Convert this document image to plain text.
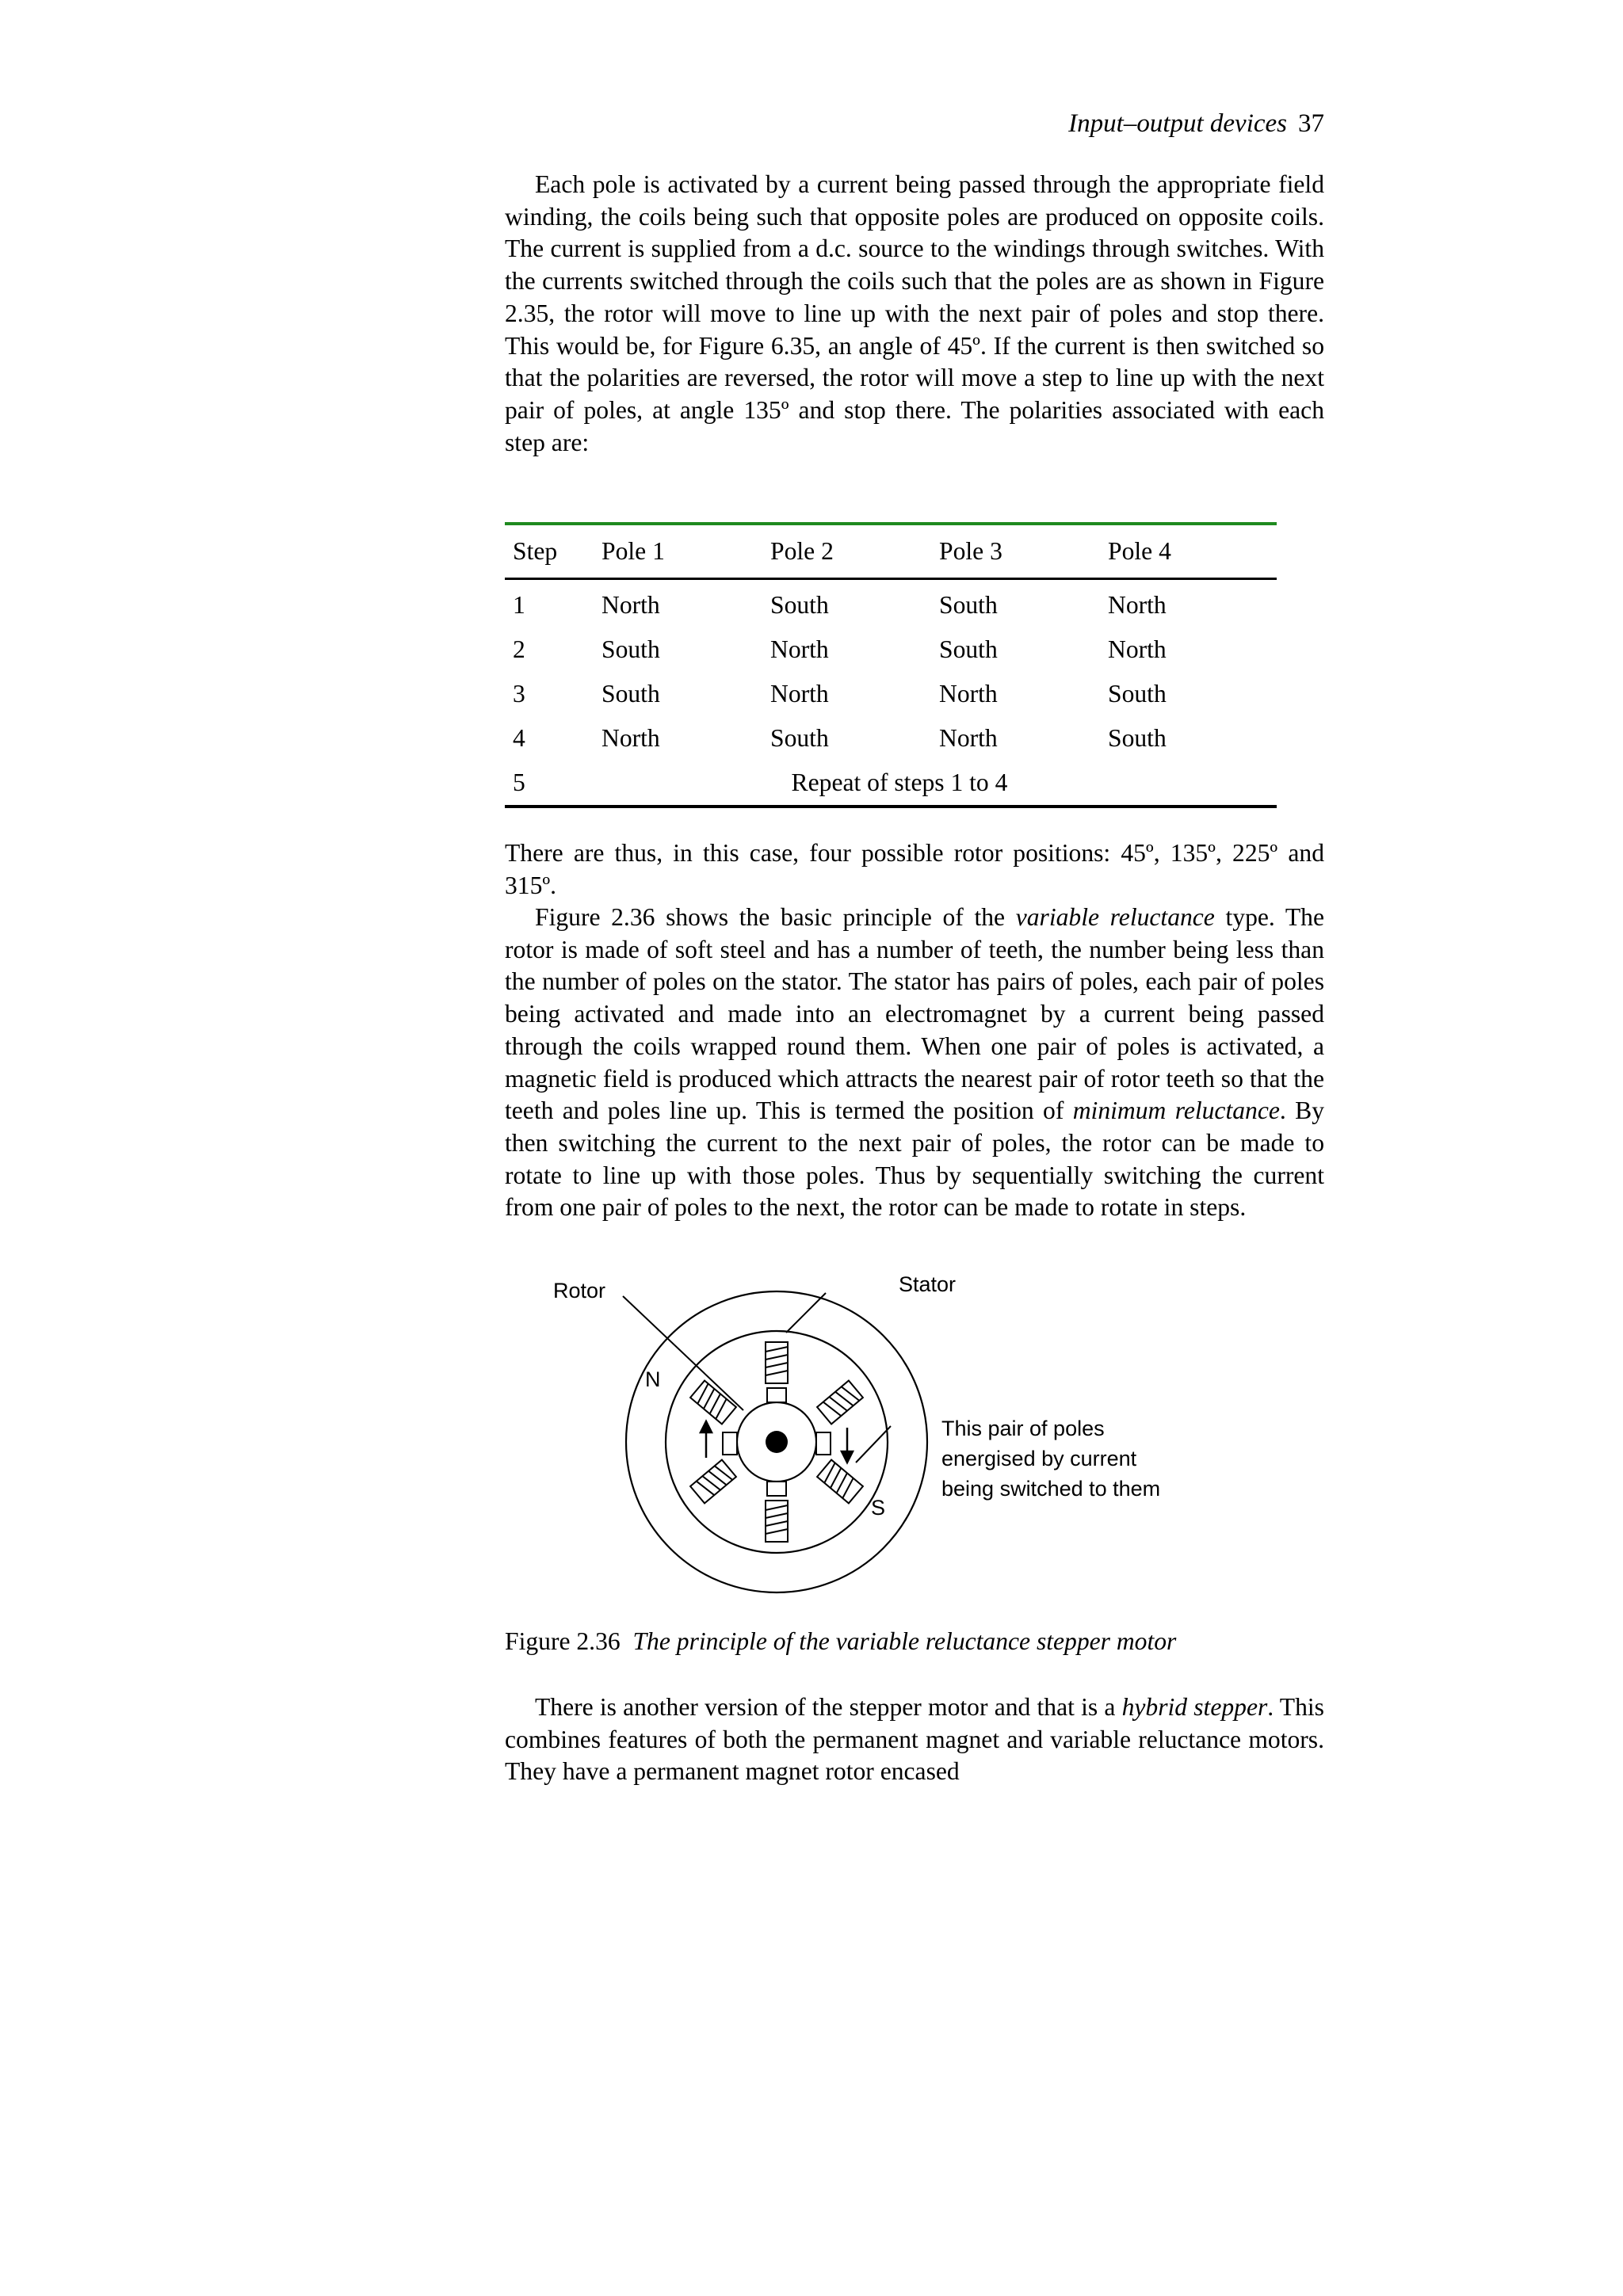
Input–output devices 37

Each pole is activated by a current being passed through the appropriate field winding, the coils being such that opposite poles are produced on opposite coils. The current is supplied from a d.c. source to the windings through switches. With the currents switched through the coils such that the poles are as shown in Figure 2.35, the rotor will move to line up with the next pair of poles and stop there. This would be, for Figure 6.35, an angle of 45º. If the current is then switched so that the polarities are reversed, the rotor will move a step to line up with the next pair of poles, at angle 135º and stop there. The polarities associated with each step are:

Step	Pole 1	Pole 2	Pole 3	Pole 4
1	North	South	South	North
2	South	North	South	North
3	South	North	North	South
4	North	South	North	South
5	Repeat of steps 1 to 4

There are thus, in this case, four possible rotor positions: 45º, 135º, 225º and 315º.

Figure 2.36 shows the basic principle of the variable reluctance type. The rotor is made of soft steel and has a number of teeth, the number being less than the number of poles on the stator. The stator has pairs of poles, each pair of poles being activated and made into an electromagnet by a current being passed through the coils wrapped round them. When one pair of poles is activated, a magnetic field is produced which attracts the nearest pair of rotor teeth so that the teeth and poles line up. This is termed the position of minimum reluctance. By then switching the current to the next pair of poles, the rotor can be made to rotate to line up with those poles. Thus by sequentially switching the current from one pair of poles to the next, the rotor can be made to rotate in steps.

Rotor	Stator
N
S
This pair of poles
energised by current
being switched to them
Figure 2.36 The principle of the variable reluctance stepper motor

There is another version of the stepper motor and that is a hybrid stepper. This combines features of both the permanent magnet and variable reluctance motors. They have a permanent magnet rotor encased
